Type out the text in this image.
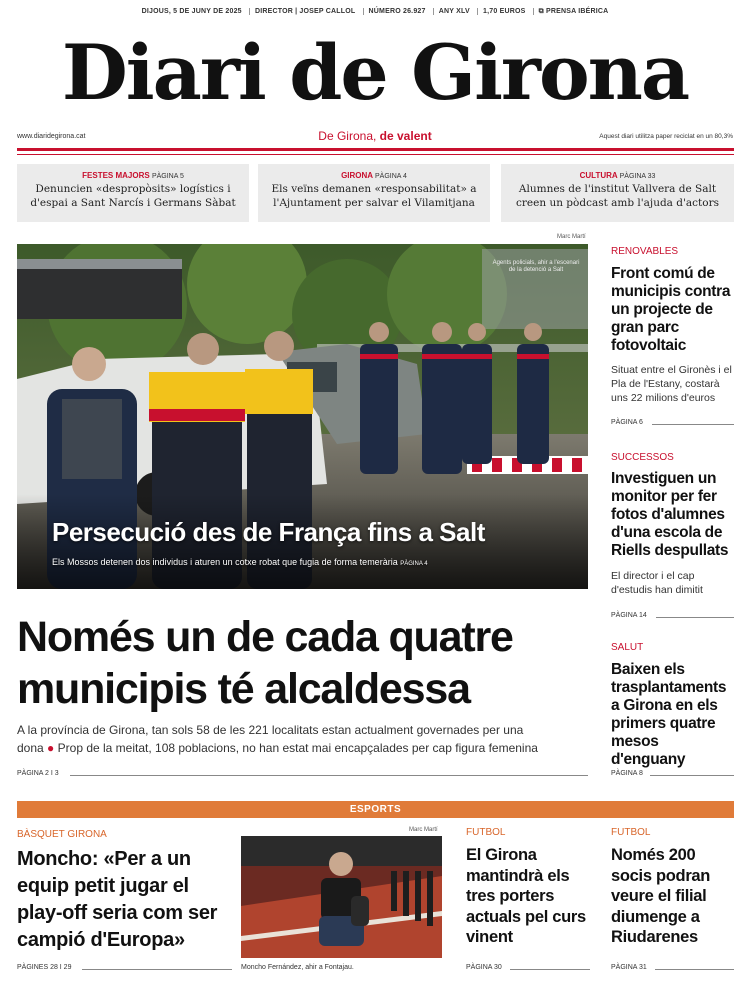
DIJOUS, 5 DE JUNY DE 2025 DIRECTOR | JOSEP CALLOL NÚMERO 26.927 ANY XLV 1,70 EUROS ⧉ PRENSA IBÉRICA
Diari de Girona
www.diaridegirona.cat	De Girona, de valent	Aquest diari utilitza paper reciclat en un 80,3%
FESTES MAJORS PÀGINA 5
Denuncien «despropòsits» logístics i d'espai a Sant Narcís i Germans Sàbat
GIRONA PÀGINA 4
Els veïns demanen «responsabilitat» a l'Ajuntament per salvar el Vilamitjana
CULTURA PÀGINA 33
Alumnes de l'institut Vallvera de Salt creen un pòdcast amb l'ajuda d'actors
Marc Martí
Agents policials, ahir a l'escenari de la detenció a Salt
Persecució des de França fins a Salt
Els Mossos detenen dos individus i aturen un cotxe robat que fugia de forma temerària PÀGINA 4
Només un de cada quatre
municipis té alcaldessa
A la província de Girona, tan sols 58 de les 221 localitats estan actualment governades per una
dona ● Prop de la meitat, 108 poblacions, no han estat mai encapçalades per cap figura femenina
PÀGINA 2 I 3
RENOVABLES
Front comú de municipis contra un projecte de gran parc fotovoltaic
Situat entre el Gironès i el Pla de l'Estany, costarà uns 22 milions d'euros
PÀGINA 6
SUCCESSOS
Investiguen un monitor per fer fotos d'alumnes d'una escola de Riells despullats
El director i el cap d'estudis han dimitit
PÀGINA 14
SALUT
Baixen els trasplantaments a Girona en els primers quatre mesos d'enguany
PÀGINA 8
ESPORTS
BÀSQUET GIRONA
Moncho: «Per a un equip petit jugar el play-off seria com ser campió d'Europa»
PÀGINES 28 I 29
Marc Martí
Moncho Fernández, ahir a Fontajau.
FUTBOL
El Girona mantindrà els tres porters actuals pel curs vinent
PÀGINA 30
FUTBOL
Només 200 socis podran veure el filial diumenge a Riudarenes
PÀGINA 31
